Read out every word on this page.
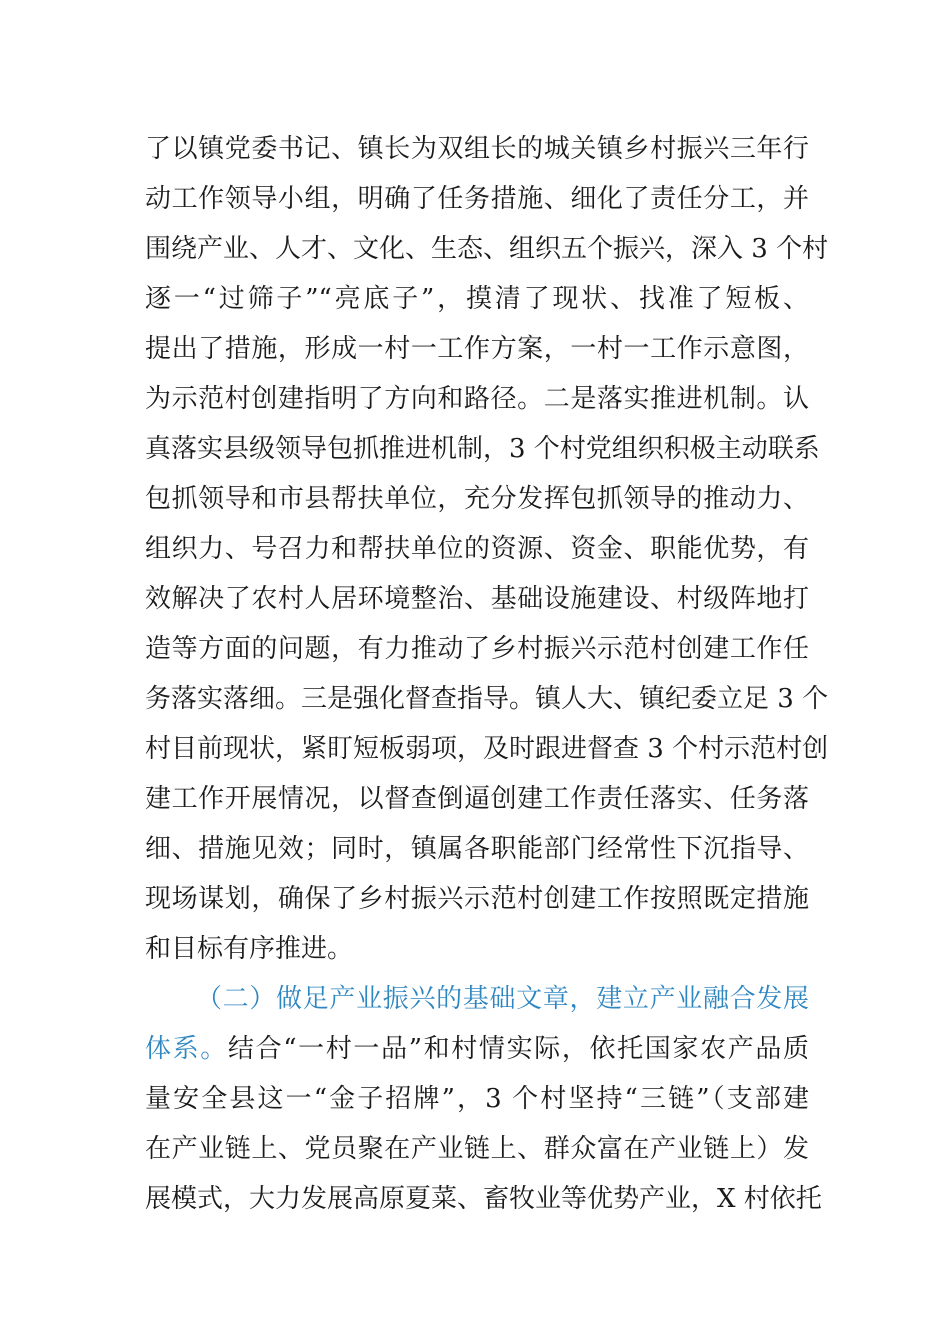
了以镇党委书记、镇长为双组长的城关镇乡村振兴三年行
动工作领导小组，明确了任务措施、细化了责任分工，并
围绕产业、人才、文化、生态、组织五个振兴，深入 3 个村
逐一“过筛子”“亮底子”，摸清了现状、找准了短板、
提出了措施，形成一村一工作方案，一村一工作示意图，
为示范村创建指明了方向和路径。二是落实推进机制。认
真落实县级领导包抓推进机制，3 个村党组织积极主动联系
包抓领导和市县帮扶单位，充分发挥包抓领导的推动力、
组织力、号召力和帮扶单位的资源、资金、职能优势，有
效解决了农村人居环境整治、基础设施建设、村级阵地打
造等方面的问题，有力推动了乡村振兴示范村创建工作任
务落实落细。三是强化督查指导。镇人大、镇纪委立足 3 个
村目前现状，紧盯短板弱项，及时跟进督查 3 个村示范村创
建工作开展情况，以督查倒逼创建工作责任落实、任务落
细、措施见效；同时，镇属各职能部门经常性下沉指导、
现场谋划，确保了乡村振兴示范村创建工作按照既定措施
和目标有序推进。
（二）做足产业振兴的基础文章，建立产业融合发展
体系。结合“一村一品”和村情实际，依托国家农产品质
量安全县这一“金子招牌”，3 个村坚持“三链”（支部建
在产业链上、党员聚在产业链上、群众富在产业链上）发
展模式，大力发展高原夏菜、畜牧业等优势产业，X 村依托
